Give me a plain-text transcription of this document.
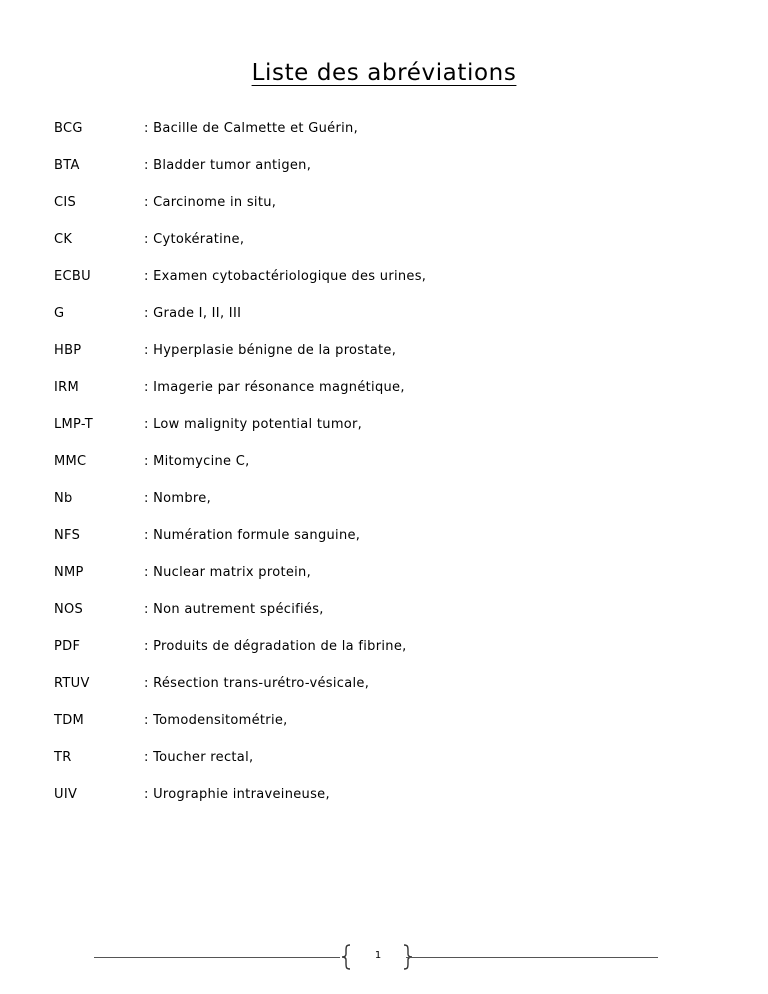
Liste des abréviations
BCG	: Bacille de Calmette et Guérin,
BTA	: Bladder tumor antigen,
CIS	: Carcinome in situ,
CK	: Cytokératine,
ECBU	: Examen cytobactériologique des urines,
G	: Grade I, II, III
HBP	: Hyperplasie bénigne de la prostate,
IRM	: Imagerie par résonance magnétique,
LMP-T	: Low malignity potential tumor,
MMC	: Mitomycine C,
Nb	: Nombre,
NFS	: Numération formule sanguine,
NMP	: Nuclear matrix protein,
NOS	: Non autrement spécifiés,
PDF	: Produits de dégradation de la fibrine,
RTUV	: Résection trans-urétro-vésicale,
TDM	: Tomodensitométrie,
TR	: Toucher rectal,
UIV	: Urographie intraveineuse,
1
